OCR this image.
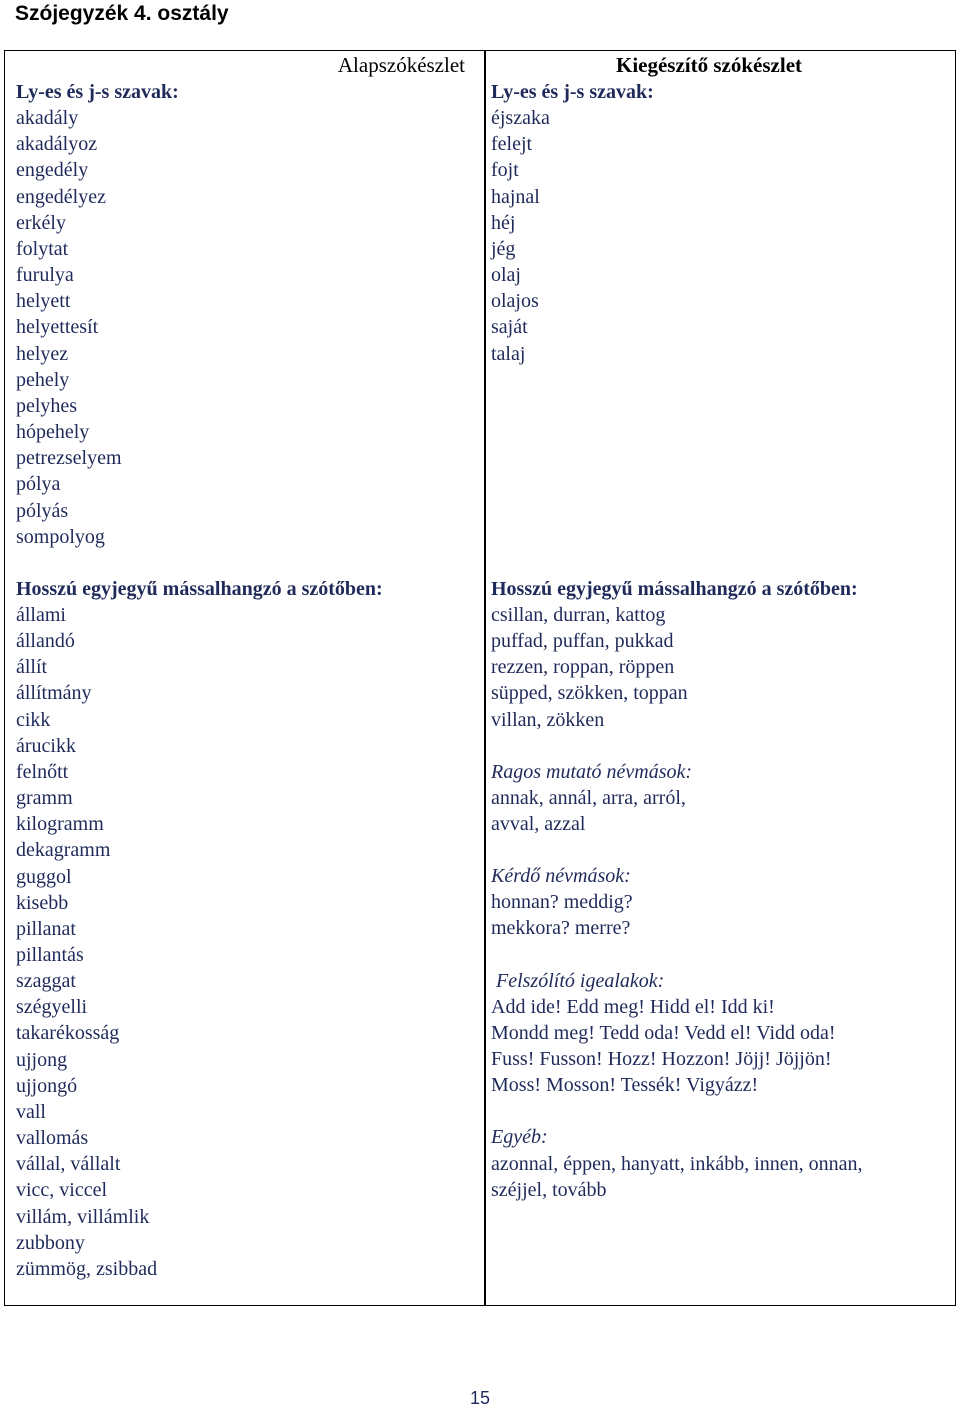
Szójegyzék 4. osztály
Alapszókészlet
Ly-es és j-s szavak:
akadály
akadályoz
engedély
engedélyez
erkély
folytat
furulya
helyett
helyettesít
helyez
pehely
pelyhes
hópehely
petrezselyem
pólya
pólyás
sompolyog
Hosszú egyjegyű mássalhangzó a szótőben:
állami
állandó
állít
állítmány
cikk
árucikk
felnőtt
gramm
kilogramm
dekagramm
guggol
kisebb
pillanat
pillantás
szaggat
szégyelli
takarékosság
ujjong
ujjongó
vall
vallomás
vállal, vállalt
vicc, viccel
villám, villámlik
zubbony
zümmög, zsibbad
Kiegészítő szókészlet
Ly-es és j-s szavak:
éjszaka
felejt
fojt
hajnal
héj
jég
olaj
olajos
saját
talaj
Hosszú egyjegyű mássalhangzó a szótőben:
csillan, durran, kattog
puffad, puffan, pukkad
rezzen, roppan, röppen
süpped, szökken, toppan
villan, zökken
Ragos mutató névmások:
annak, annál, arra, arról,
avval, azzal
Kérdő névmások:
honnan? meddig?
mekkora? merre?
Felszólító igealakok:
Add ide! Edd meg! Hidd el! Idd ki!
Mondd meg! Tedd oda! Vedd el! Vidd oda!
Fuss! Fusson! Hozz! Hozzon! Jöjj! Jöjjön!
Moss! Mosson! Tessék! Vigyázz!
Egyéb:
azonnal, éppen, hanyatt, inkább, innen, onnan,
széjjel, tovább
15
